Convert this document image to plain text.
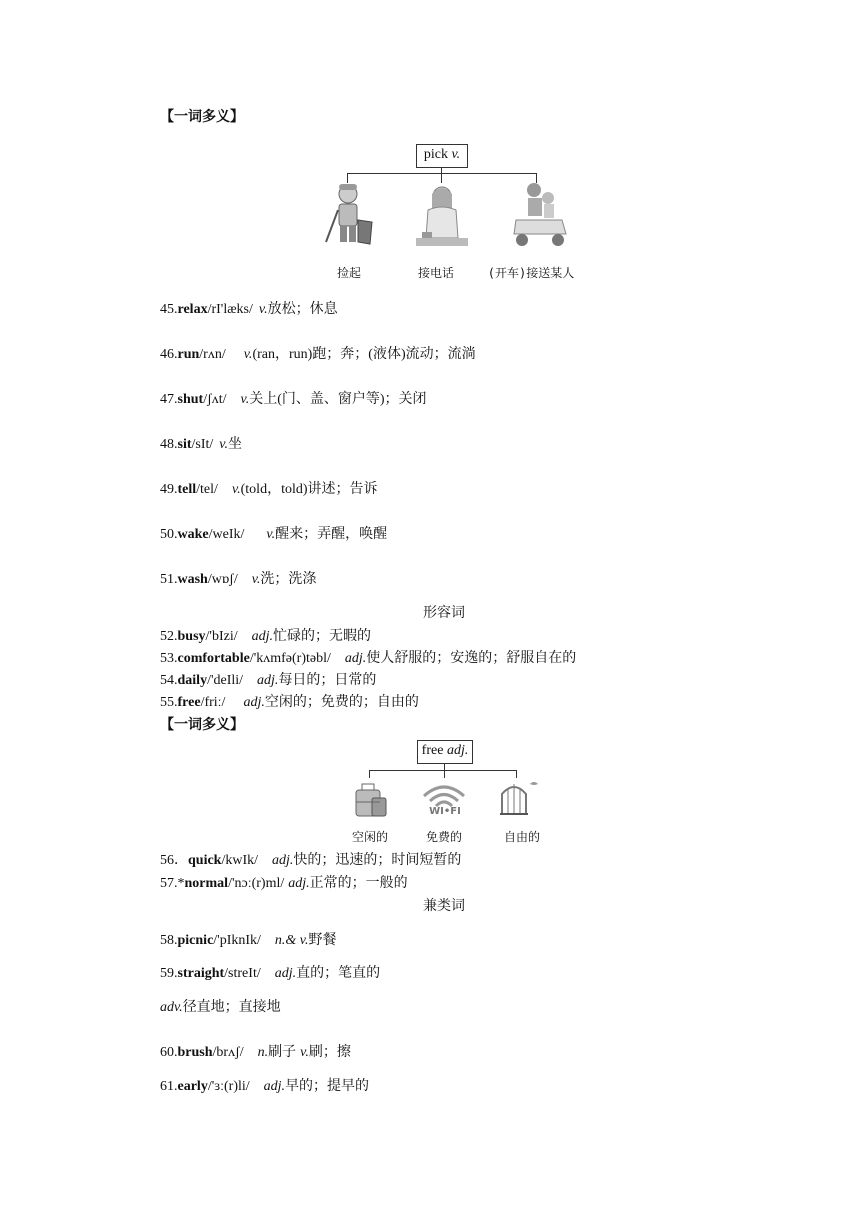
【一词多义】
pick v.
捡起	接电话	(开车)接送某人
45.relax/rI'læks/ v.放松；休息
46.run/rʌn/ v.(ran，run)跑；奔；(液体)流动；流淌
47.shut/ʃʌt/ v.关上(门、盖、窗户等)；关闭
48.sit/sIt/ v.坐
49.tell/tel/ v.(told，told)讲述；告诉
50.wake/weIk/ v.醒来；弄醒，唤醒
51.wash/wɒʃ/ v.洗；洗涤
形容词
52.busy/'bIzi/ adj.忙碌的；无暇的
53.comfortable/'kʌmfə(r)təbl/ adj.使人舒服的；安逸的；舒服自在的
54.daily/'deIli/ adj.每日的；日常的
55.free/friː/ adj.空闲的；免费的；自由的
【一词多义】
free adj.
WI•FI
空闲的	免费的	自由的
56．quick/kwIk/ adj.快的；迅速的；时间短暂的
57.*normal/'nɔː(r)ml/ adj.正常的；一般的
兼类词
58.picnic/'pIknIk/ n.& v.野餐
59.straight/streIt/ adj.直的；笔直的
adv.径直地；直接地
60.brush/brʌʃ/ n.刷子 v.刷；擦
61.early/'ɜː(r)li/ adj.早的；提早的
